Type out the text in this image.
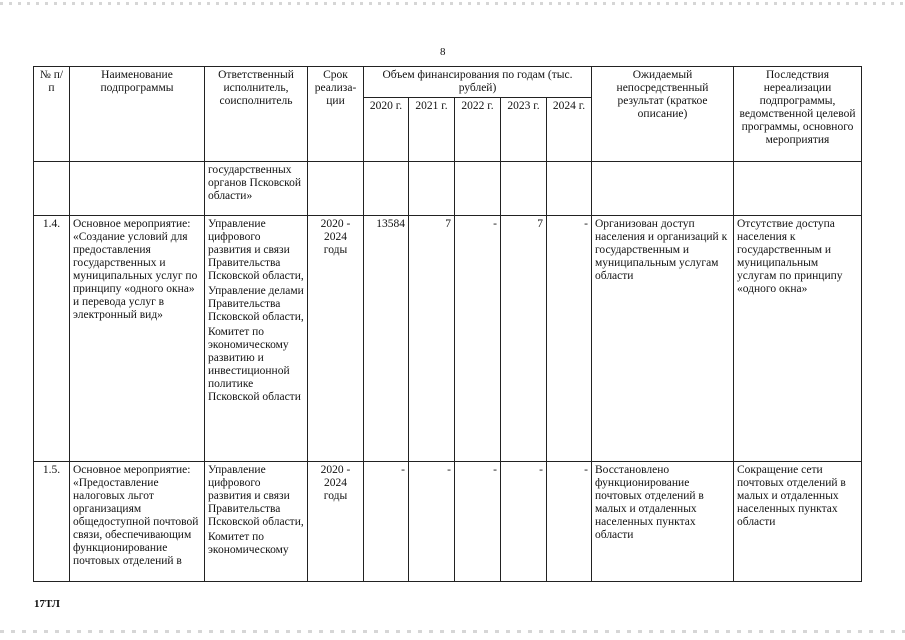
8
№ п/п	Наименование подпрограммы	Ответственный исполнитель, соисполнитель	Срок реализа-ции	Объем финансирования по годам (тыс. рублей)					Ожидаемый непосредственный результат (краткое описание)	Последствия нереализации подпрограммы, ведомственной целевой программы, основного мероприятия
				2020 г.	2021 г.	2022 г.	2023 г.	2024 г.		
		государственных органов Псковской области»								
1.4.	Основное мероприятие: «Создание условий для предоставления государственных и муниципальных услуг по принципу «одного окна» и перевода услуг в электронный вид»	Управление цифрового развития и связи Правительства Псковской области,
Управление делами Правительства Псковской области,
Комитет по экономическому развитию и инвестиционной политике Псковской области	2020 - 2024 годы	13584	7	-	7	-	Организован доступ населения и организаций к государственным и муниципальным услугам области	Отсутствие доступа населения к государственным и муниципальным услугам по принципу «одного окна»
1.5.	Основное мероприятие: «Предоставление налоговых льгот организациям общедоступной почтовой связи, обеспечивающим функционирование почтовых отделений в	Управление цифрового развития и связи Правительства Псковской области,
Комитет по экономическому	2020 - 2024 годы	-	-	-	-	-	Восстановлено функционирование почтовых отделений в малых и отдаленных населенных пунктах области	Сокращение сети почтовых отделений в малых и отдаленных населенных пунктах области
17ТЛ
